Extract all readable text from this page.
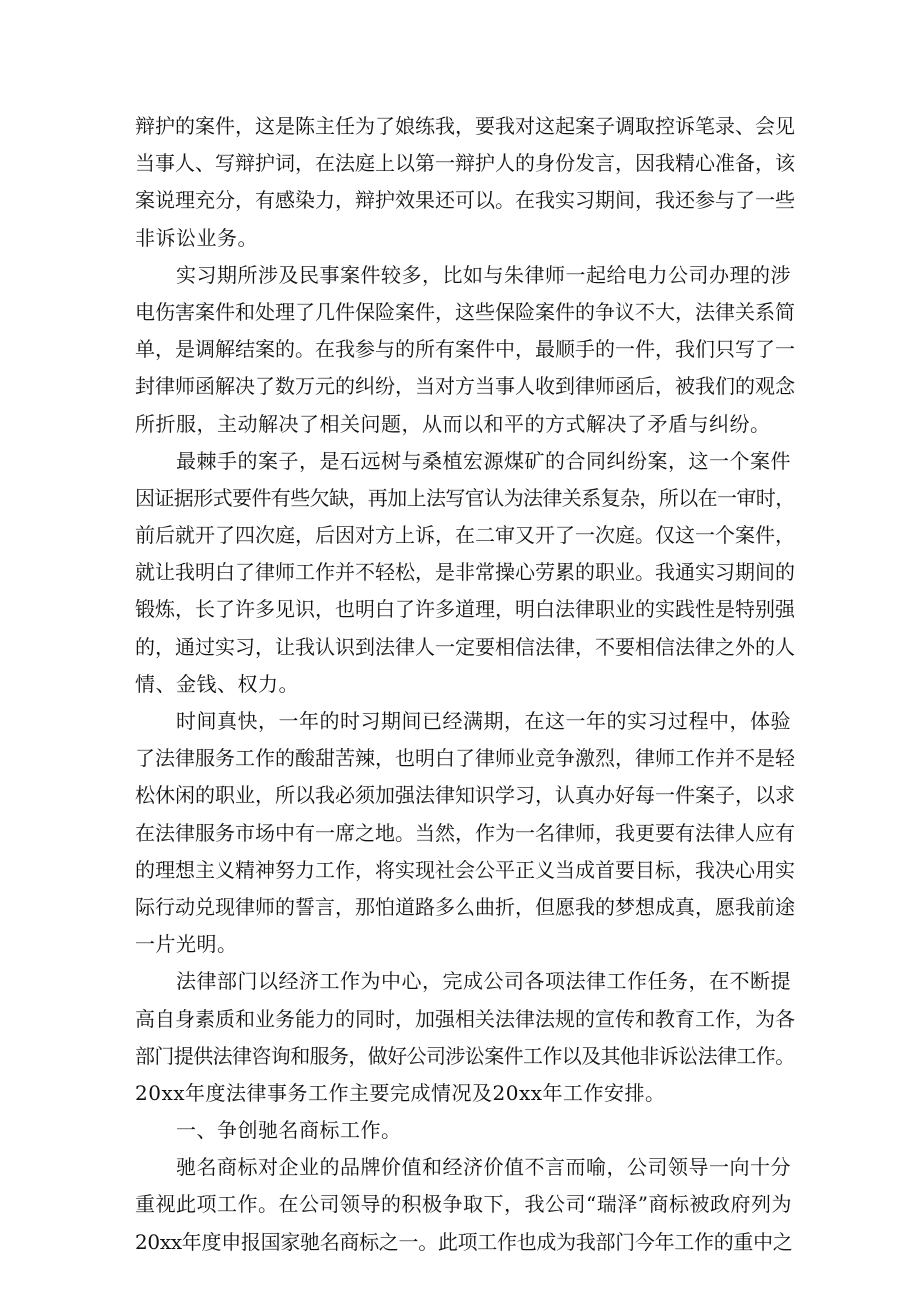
辩护的案件，这是陈主任为了娘练我，要我对这起案子调取控诉笔录、会见
当事人、写辩护词，在法庭上以第一辩护人的身份发言，因我精心准备，该
案说理充分，有感染力，辩护效果还可以。在我实习期间，我还参与了一些
非诉讼业务。
　　实习期所涉及民事案件较多，比如与朱律师一起给电力公司办理的涉
电伤害案件和处理了几件保险案件，这些保险案件的争议不大，法律关系简
单，是调解结案的。在我参与的所有案件中，最顺手的一件，我们只写了一
封律师函解决了数万元的纠纷，当对方当事人收到律师函后，被我们的观念
所折服，主动解决了相关问题，从而以和平的方式解决了矛盾与纠纷。
　　最棘手的案子，是石远树与桑植宏源煤矿的合同纠纷案，这一个案件
因证据形式要件有些欠缺，再加上法写官认为法律关系复杂，所以在一审时，
前后就开了四次庭，后因对方上诉，在二审又开了一次庭。仅这一个案件，
就让我明白了律师工作并不轻松，是非常操心劳累的职业。我通实习期间的
锻炼，长了许多见识，也明白了许多道理，明白法律职业的实践性是特别强
的，通过实习，让我认识到法律人一定要相信法律，不要相信法律之外的人
情、金钱、权力。
　　时间真快，一年的时习期间已经满期，在这一年的实习过程中，体验
了法律服务工作的酸甜苦辣，也明白了律师业竞争激烈，律师工作并不是轻
松休闲的职业，所以我必须加强法律知识学习，认真办好每一件案子，以求
在法律服务市场中有一席之地。当然，作为一名律师，我更要有法律人应有
的理想主义精神努力工作，将实现社会公平正义当成首要目标，我决心用实
际行动兑现律师的誓言，那怕道路多么曲折，但愿我的梦想成真，愿我前途
一片光明。
　　法律部门以经济工作为中心，完成公司各项法律工作任务，在不断提
高自身素质和业务能力的同时，加强相关法律法规的宣传和教育工作，为各
部门提供法律咨询和服务，做好公司涉讼案件工作以及其他非诉讼法律工作。
20xx年度法律事务工作主要完成情况及20xx年工作安排。
　　一、争创驰名商标工作。
　　驰名商标对企业的品牌价值和经济价值不言而喻，公司领导一向十分
重视此项工作。在公司领导的积极争取下，我公司“瑞泽”商标被政府列为
20xx年度申报国家驰名商标之一。此项工作也成为我部门今年工作的重中之
